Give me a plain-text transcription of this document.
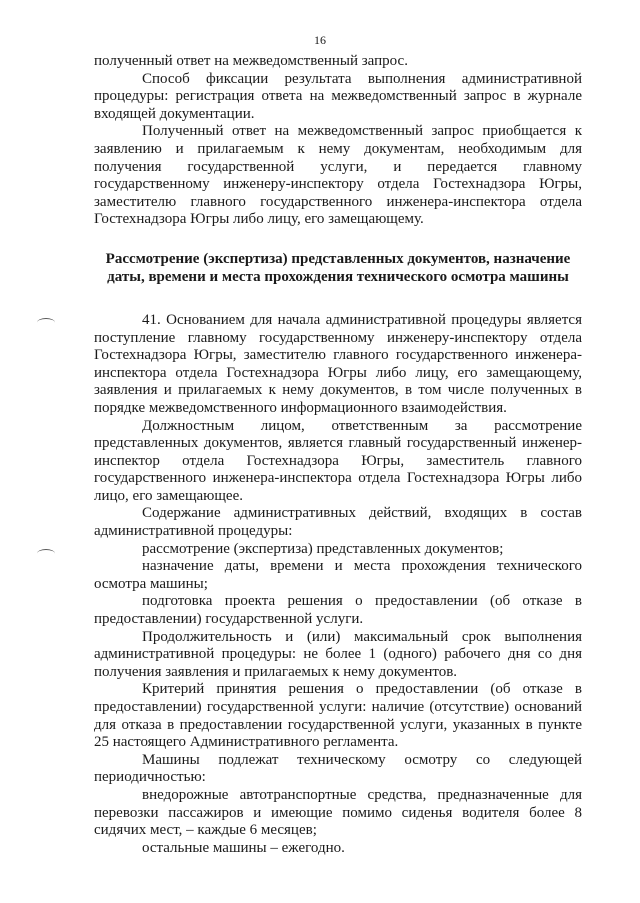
16

полученный ответ на межведомственный запрос.

Способ фиксации результата выполнения административной процедуры: регистрация ответа на межведомственный запрос в журнале входящей документации.

Полученный ответ на межведомственный запрос приобщается к заявлению и прилагаемым к нему документам, необходимым для получения государственной услуги, и передается главному государственному инженеру-инспектору отдела Гостехнадзора Югры, заместителю главного государственного инженера-инспектора отдела Гостехнадзора Югры либо лицу, его замещающему.

Рассмотрение (экспертиза) представленных документов, назначение даты, времени и места прохождения технического осмотра машины

41. Основанием для начала административной процедуры является поступление главному государственному инженеру-инспектору отдела Гостехнадзора Югры, заместителю главного государственного инженера-инспектора отдела Гостехнадзора Югры либо лицу, его замещающему, заявления и прилагаемых к нему документов, в том числе полученных в порядке межведомственного информационного взаимодействия.

Должностным лицом, ответственным за рассмотрение представленных документов, является главный государственный инженер-инспектор отдела Гостехнадзора Югры, заместитель главного государственного инженера-инспектора отдела Гостехнадзора Югры либо лицо, его замещающее.

Содержание административных действий, входящих в состав административной процедуры:

рассмотрение (экспертиза) представленных документов;

назначение даты, времени и места прохождения технического осмотра машины;

подготовка проекта решения о предоставлении (об отказе в предоставлении) государственной услуги.

Продолжительность и (или) максимальный срок выполнения административной процедуры: не более 1 (одного) рабочего дня со дня получения заявления и прилагаемых к нему документов.

Критерий принятия решения о предоставлении (об отказе в предоставлении) государственной услуги: наличие (отсутствие) оснований для отказа в предоставлении государственной услуги, указанных в пункте 25 настоящего Административного регламента.

Машины подлежат техническому осмотру со следующей периодичностью:

внедорожные автотранспортные средства, предназначенные для перевозки пассажиров и имеющие помимо сиденья водителя более 8 сидячих мест, – каждые 6 месяцев;

остальные машины – ежегодно.
